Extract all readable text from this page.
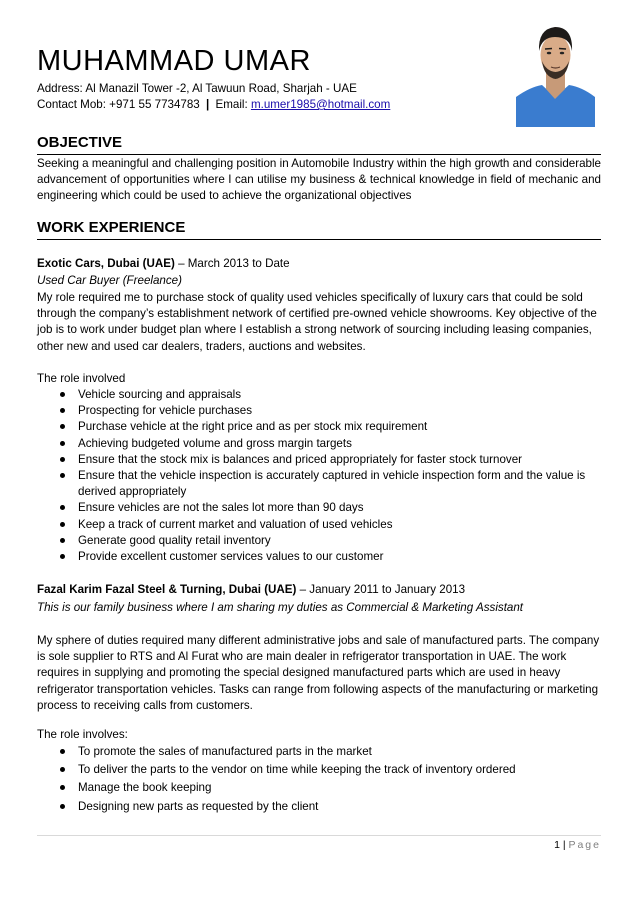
MUHAMMAD UMAR
Address: Al Manazil Tower -2, Al Tawuun Road, Sharjah - UAE
Contact Mob: +971 55 7734783 | Email: m.umer1985@hotmail.com
OBJECTIVE
Seeking a meaningful and challenging position in Automobile Industry within the high growth and considerable advancement of opportunities where I can utilise my business & technical knowledge in field of mechanic and engineering which could be used to achieve the organizational objectives
WORK EXPERIENCE
Exotic Cars, Dubai (UAE) – March 2013 to Date
Used Car Buyer (Freelance)
My role required me to purchase stock of quality used vehicles specifically of luxury cars that could be sold through the company’s establishment network of certified pre-owned vehicle showrooms. Key objective of the job is to work under budget plan where I establish a strong network of sourcing including leasing companies, other new and used car dealers, traders, auctions and websites.
The role involved
Vehicle sourcing and appraisals
Prospecting for vehicle purchases
Purchase vehicle at the right price and as per stock mix requirement
Achieving budgeted volume and gross margin targets
Ensure that the stock mix is balances and priced appropriately for faster stock turnover
Ensure that the vehicle inspection is accurately captured in vehicle inspection form and the value is derived appropriately
Ensure vehicles are not the sales lot more than 90 days
Keep a track of current market and valuation of used vehicles
Generate good quality retail inventory
Provide excellent customer services values to our customer
Fazal Karim Fazal Steel & Turning, Dubai (UAE) – January 2011 to January 2013
This is our family business where I am sharing my duties as Commercial & Marketing Assistant
My sphere of duties required many different administrative jobs and sale of manufactured parts. The company is sole supplier to RTS and Al Furat who are main dealer in refrigerator transportation in UAE. The work requires in supplying and promoting the special designed manufactured parts which are used in heavy refrigerator transportation vehicles. Tasks can range from following aspects of the manufacturing or marketing process to receiving calls from customers.
The role involves:
To promote the sales of manufactured parts in the market
To deliver the parts to the vendor on time while keeping the track of inventory ordered
Manage the book keeping
Designing new parts as requested by the client
1 | Page
